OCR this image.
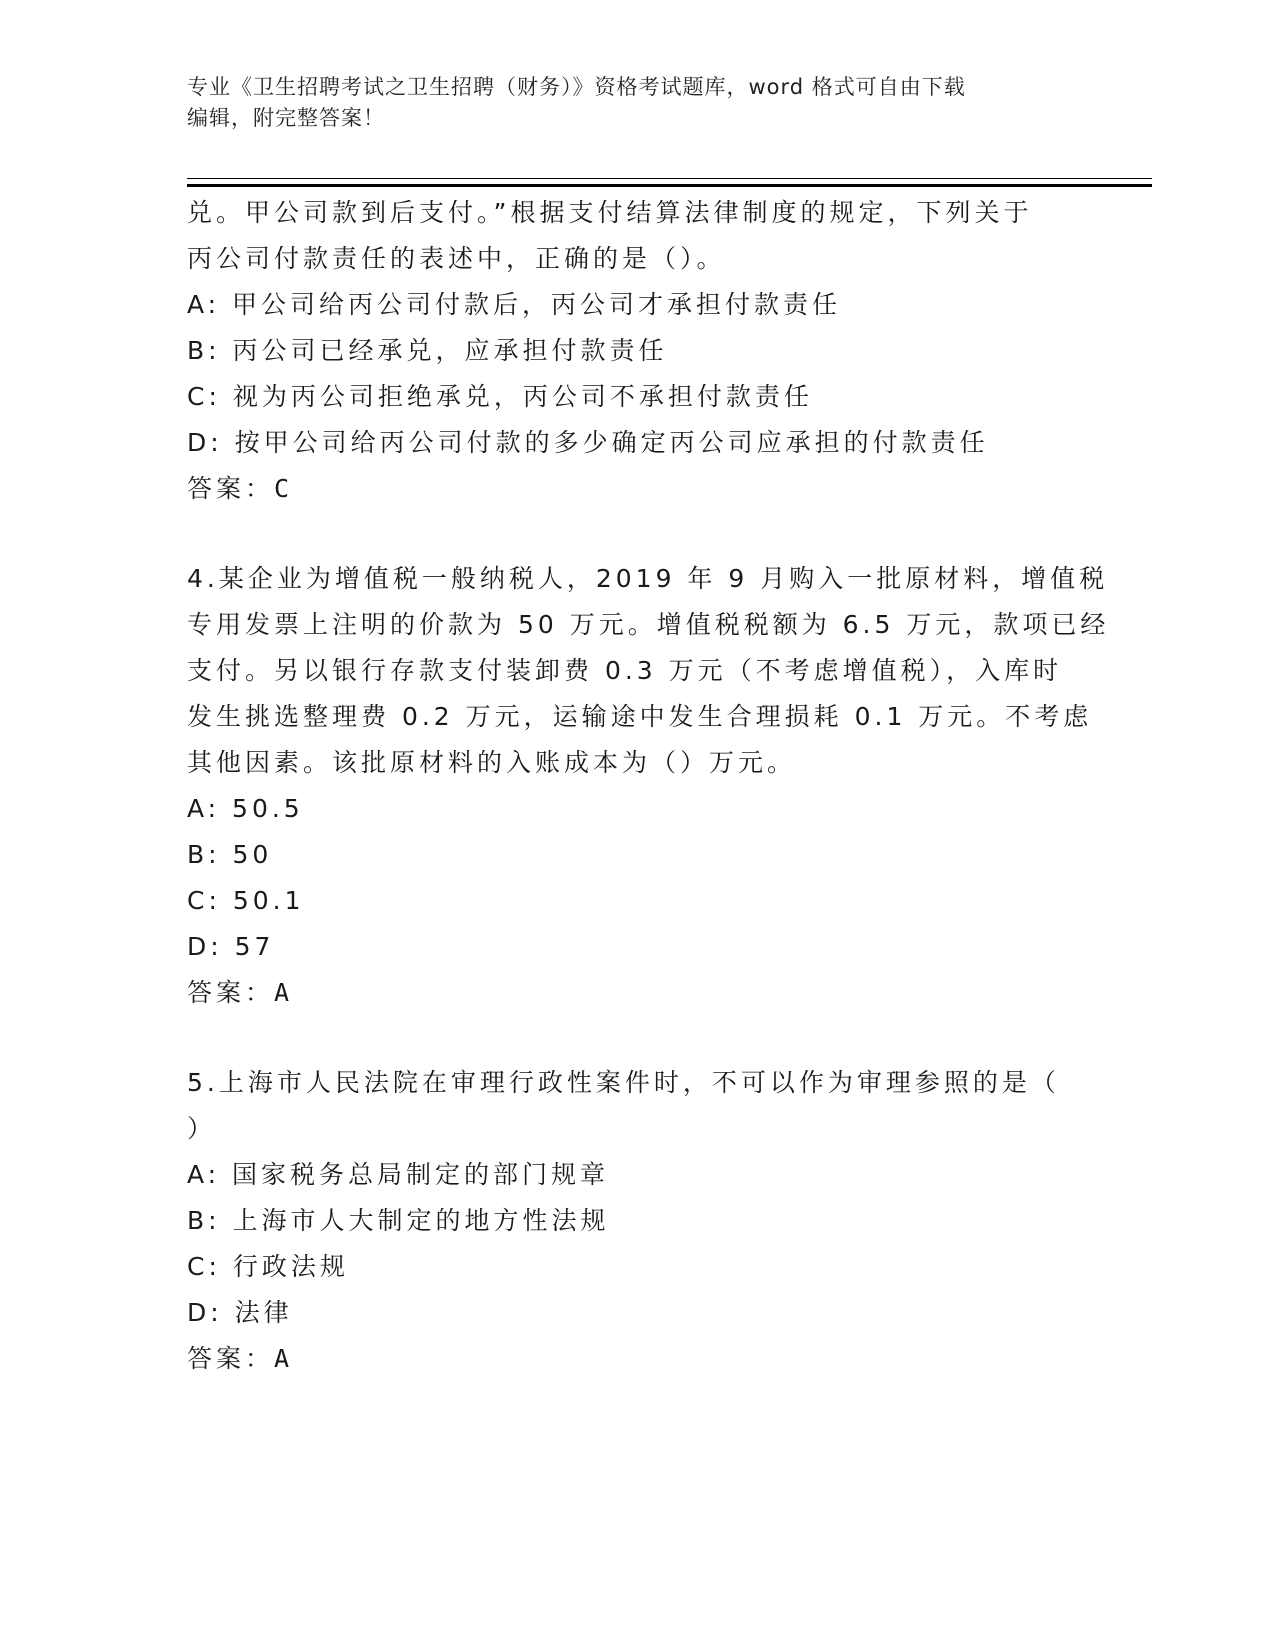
专业《卫生招聘考试之卫生招聘（财务）》资格考试题库，word 格式可自由下载
编辑，附完整答案！
兑。甲公司款到后支付。”根据支付结算法律制度的规定，下列关于
丙公司付款责任的表述中，正确的是（）。
A: 甲公司给丙公司付款后，丙公司才承担付款责任
B: 丙公司已经承兑，应承担付款责任
C: 视为丙公司拒绝承兑，丙公司不承担付款责任
D: 按甲公司给丙公司付款的多少确定丙公司应承担的付款责任
答案：C
4.某企业为增值税一般纳税人，2019 年 9 月购入一批原材料，增值税
专用发票上注明的价款为 50 万元。增值税税额为 6.5 万元，款项已经
支付。另以银行存款支付装卸费 0.3 万元（不考虑增值税），入库时
发生挑选整理费 0.2 万元，运输途中发生合理损耗 0.1 万元。不考虑
其他因素。该批原材料的入账成本为（）万元。
A: 50.5
B: 50
C: 50.1
D: 57
答案：A
5.上海市人民法院在审理行政性案件时，不可以作为审理参照的是（
）
A: 国家税务总局制定的部门规章
B: 上海市人大制定的地方性法规
C: 行政法规
D: 法律
答案：A
